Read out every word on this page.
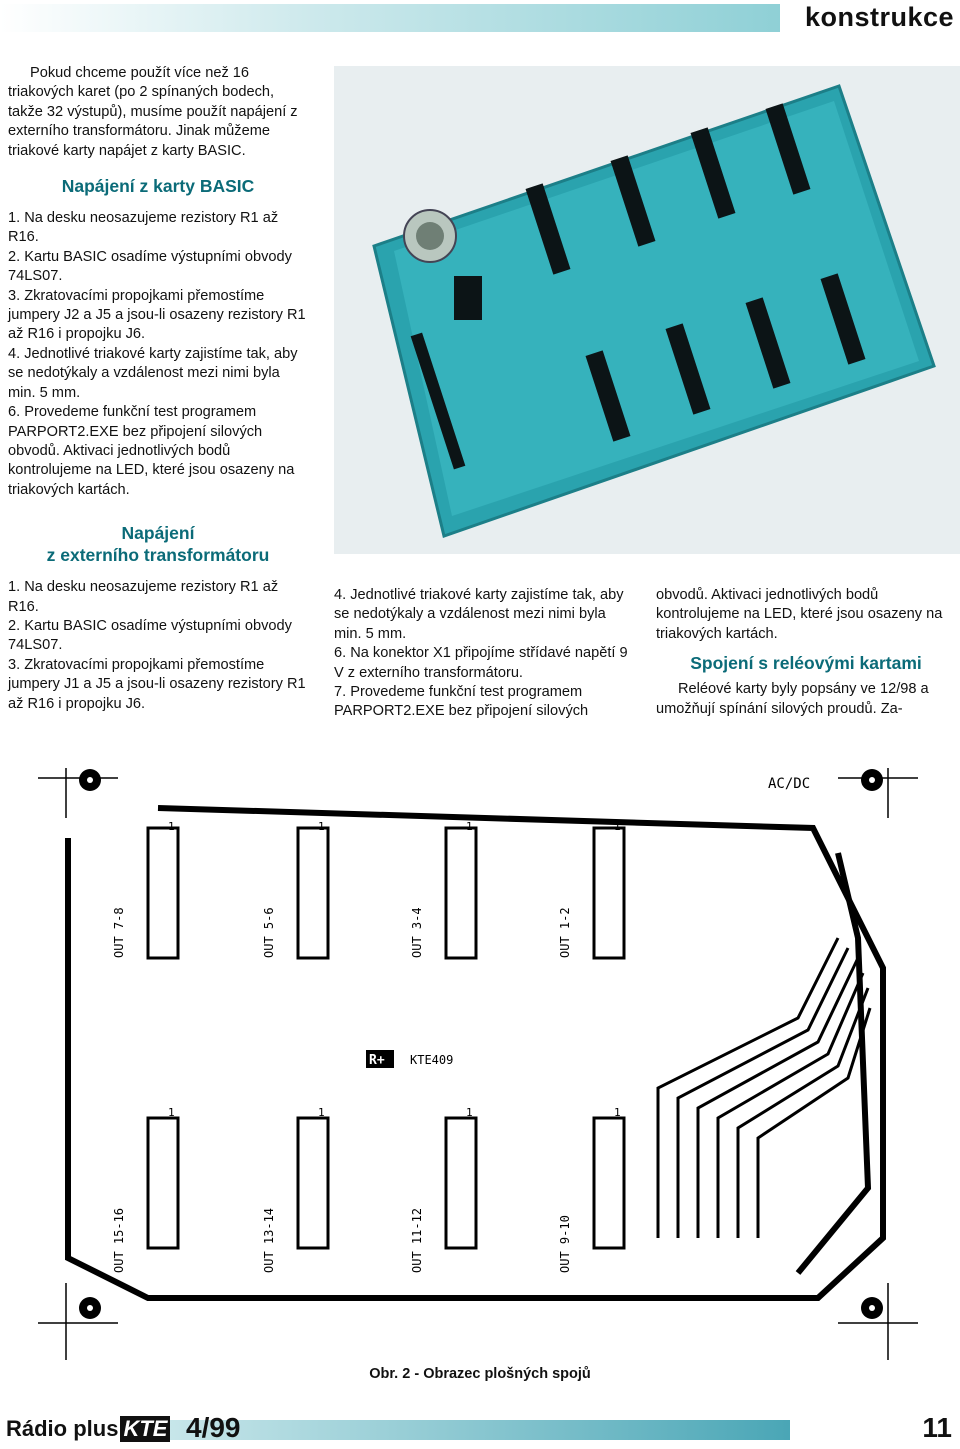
konstrukce

Pokud chceme použít více než 16 triakových karet (po 2 spínaných bodech, takže 32 výstupů), musíme použít napájení z externího transformátoru. Jinak můžeme triakové karty napájet z karty BASIC.

Napájení z karty BASIC

1. Na desku neosazujeme rezistory R1 až R16.

2. Kartu BASIC osadíme výstupními obvody 74LS07.

3. Zkratovacími propojkami přemostíme jumpery J2 a J5 a jsou-li osazeny rezistory R1 až R16 i propojku J6.

4. Jednotlivé triakové karty zajistíme tak, aby se nedotýkaly a vzdálenost mezi nimi byla min. 5 mm.

6. Provedeme funkční test programem PARPORT2.EXE bez připojení silových obvodů. Aktivaci jednotlivých bodů kontrolujeme na LED, které jsou osazeny na triakových kartách.

Napájení
z externího transformátoru

1. Na desku neosazujeme rezistory R1 až R16.

2. Kartu BASIC osadíme výstupními obvody 74LS07.

3. Zkratovacími propojkami přemostíme jumpery J1 a J5 a jsou-li osazeny rezistory R1 až R16 i propojku J6.

4. Jednotlivé triakové karty zajistíme tak, aby se nedotýkaly a vzdálenost mezi nimi byla min. 5 mm.

6. Na konektor X1 připojíme střídavé napětí 9 V z externího transformátoru.

7. Provedeme funkční test programem PARPORT2.EXE bez připojení silových

obvodů. Aktivaci jednotlivých bodů kontrolujeme na LED, které jsou osazeny na triakových kartách.

Spojení s reléovými kartami

Reléové karty byly popsány ve 12/98 a umožňují spínání silových proudů. Za-

AC/DC
R+ KTE409
1	1	1	1
1	1	1	1
OUT 7-8	OUT 5-6	OUT 3-4	OUT 1-2
OUT 15-16	OUT 13-14	OUT 11-12	OUT 9-10
Obr. 2 - Obrazec plošných spojů
Rádio plus KTE 4/99	11
